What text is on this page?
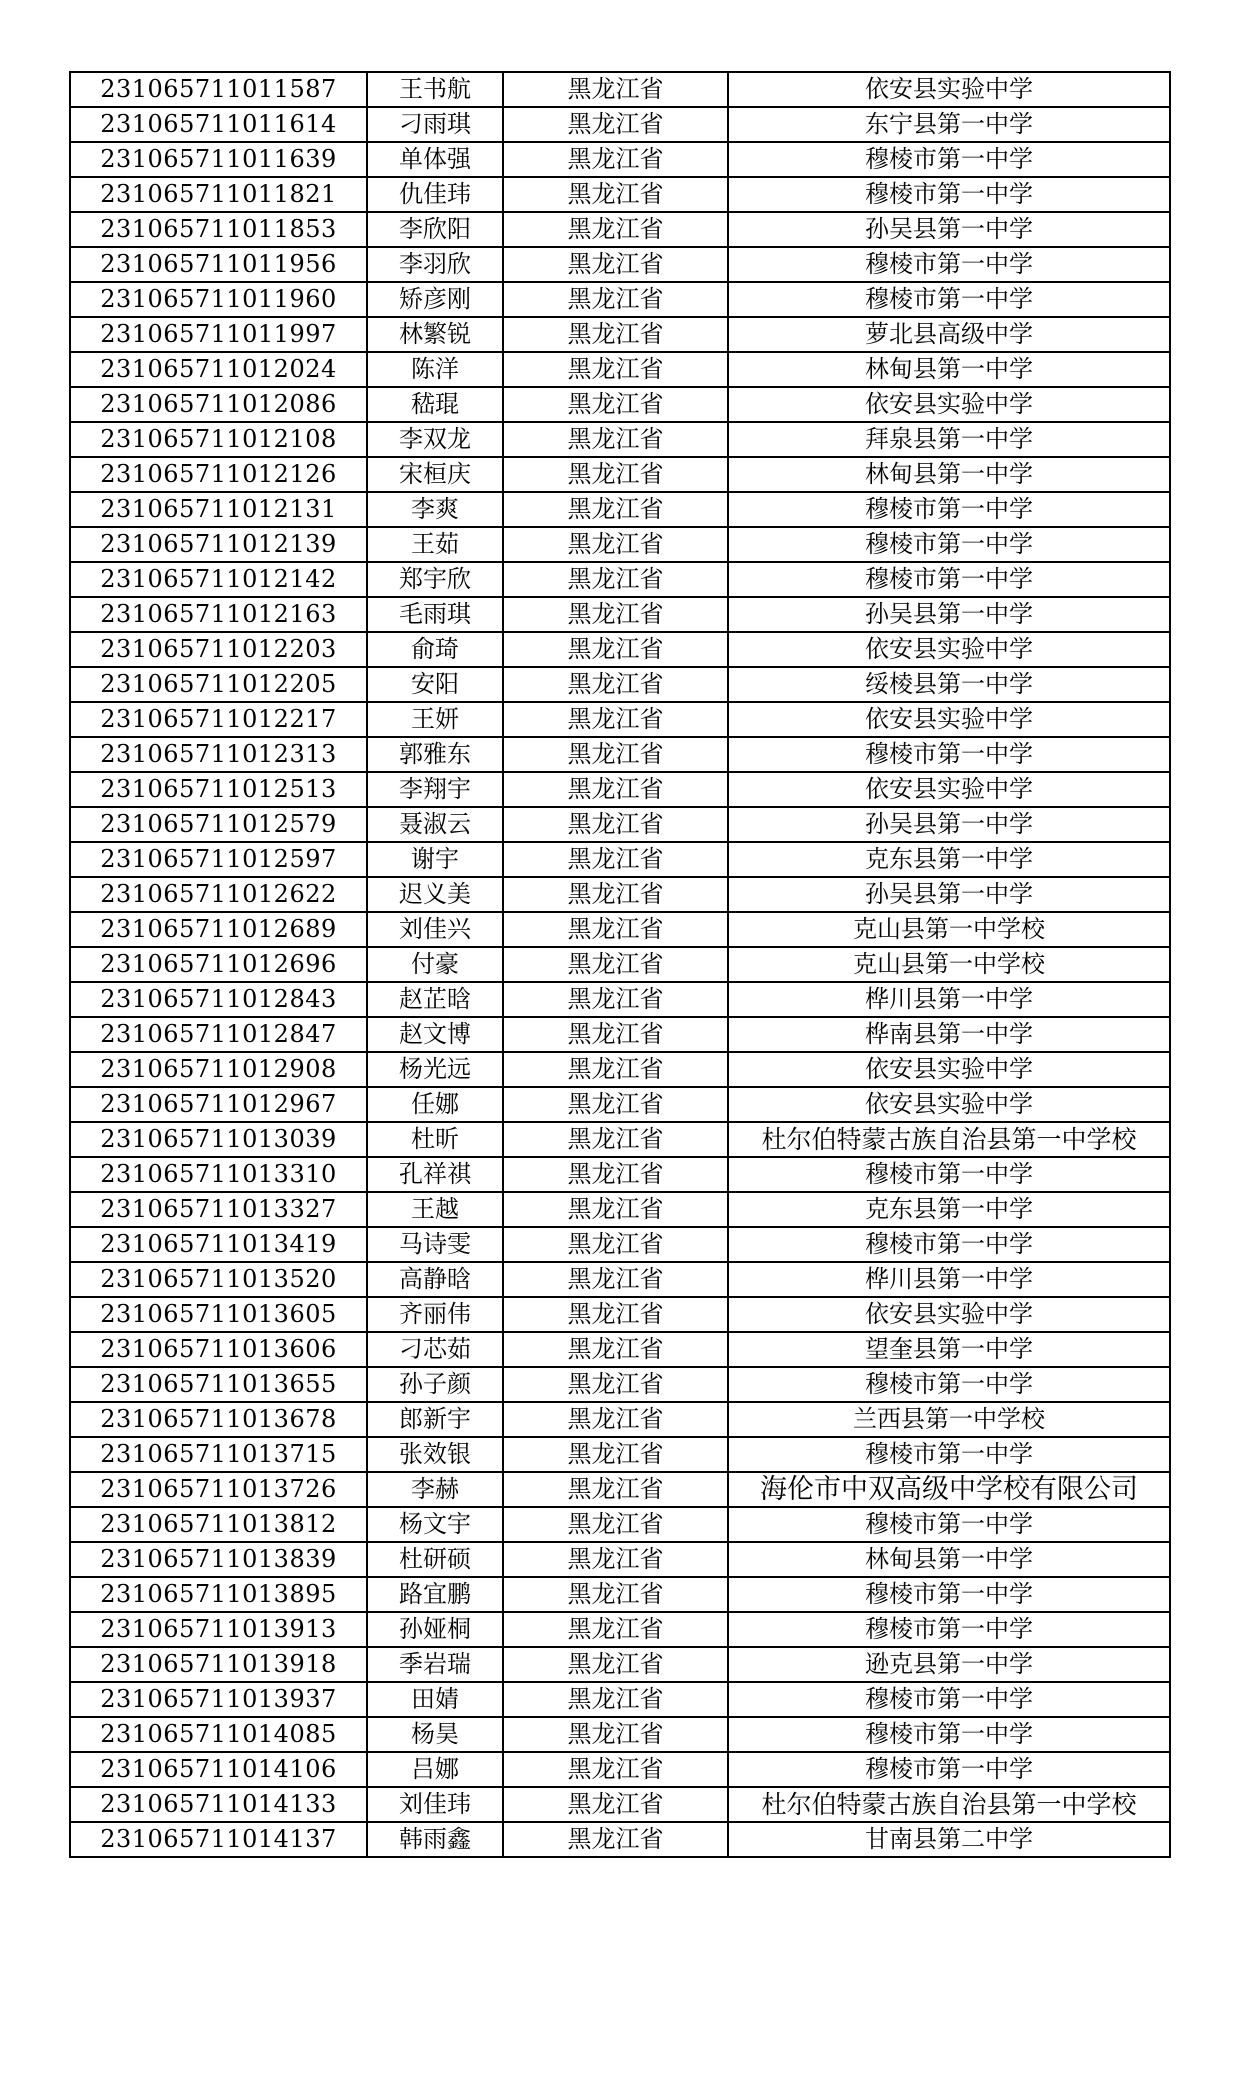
231065711011587	王书航	黑龙江省	依安县实验中学
231065711011614	刁雨琪	黑龙江省	东宁县第一中学
231065711011639	单体强	黑龙江省	穆棱市第一中学
231065711011821	仇佳玮	黑龙江省	穆棱市第一中学
231065711011853	李欣阳	黑龙江省	孙吴县第一中学
231065711011956	李羽欣	黑龙江省	穆棱市第一中学
231065711011960	矫彦刚	黑龙江省	穆棱市第一中学
231065711011997	林繁锐	黑龙江省	萝北县高级中学
231065711012024	陈洋	黑龙江省	林甸县第一中学
231065711012086	嵇琨	黑龙江省	依安县实验中学
231065711012108	李双龙	黑龙江省	拜泉县第一中学
231065711012126	宋桓庆	黑龙江省	林甸县第一中学
231065711012131	李爽	黑龙江省	穆棱市第一中学
231065711012139	王茹	黑龙江省	穆棱市第一中学
231065711012142	郑宇欣	黑龙江省	穆棱市第一中学
231065711012163	毛雨琪	黑龙江省	孙吴县第一中学
231065711012203	俞琦	黑龙江省	依安县实验中学
231065711012205	安阳	黑龙江省	绥棱县第一中学
231065711012217	王妍	黑龙江省	依安县实验中学
231065711012313	郭雅东	黑龙江省	穆棱市第一中学
231065711012513	李翔宇	黑龙江省	依安县实验中学
231065711012579	聂淑云	黑龙江省	孙吴县第一中学
231065711012597	谢宇	黑龙江省	克东县第一中学
231065711012622	迟义美	黑龙江省	孙吴县第一中学
231065711012689	刘佳兴	黑龙江省	克山县第一中学校
231065711012696	付豪	黑龙江省	克山县第一中学校
231065711012843	赵芷晗	黑龙江省	桦川县第一中学
231065711012847	赵文博	黑龙江省	桦南县第一中学
231065711012908	杨光远	黑龙江省	依安县实验中学
231065711012967	任娜	黑龙江省	依安县实验中学
231065711013039	杜昕	黑龙江省	杜尔伯特蒙古族自治县第一中学校
231065711013310	孔祥祺	黑龙江省	穆棱市第一中学
231065711013327	王越	黑龙江省	克东县第一中学
231065711013419	马诗雯	黑龙江省	穆棱市第一中学
231065711013520	高静晗	黑龙江省	桦川县第一中学
231065711013605	齐丽伟	黑龙江省	依安县实验中学
231065711013606	刁芯茹	黑龙江省	望奎县第一中学
231065711013655	孙子颜	黑龙江省	穆棱市第一中学
231065711013678	郎新宇	黑龙江省	兰西县第一中学校
231065711013715	张效银	黑龙江省	穆棱市第一中学
231065711013726	李赫	黑龙江省	海伦市中双高级中学校有限公司
231065711013812	杨文宇	黑龙江省	穆棱市第一中学
231065711013839	杜研硕	黑龙江省	林甸县第一中学
231065711013895	路宜鹏	黑龙江省	穆棱市第一中学
231065711013913	孙娅桐	黑龙江省	穆棱市第一中学
231065711013918	季岩瑞	黑龙江省	逊克县第一中学
231065711013937	田婧	黑龙江省	穆棱市第一中学
231065711014085	杨昊	黑龙江省	穆棱市第一中学
231065711014106	吕娜	黑龙江省	穆棱市第一中学
231065711014133	刘佳玮	黑龙江省	杜尔伯特蒙古族自治县第一中学校
231065711014137	韩雨鑫	黑龙江省	甘南县第二中学
